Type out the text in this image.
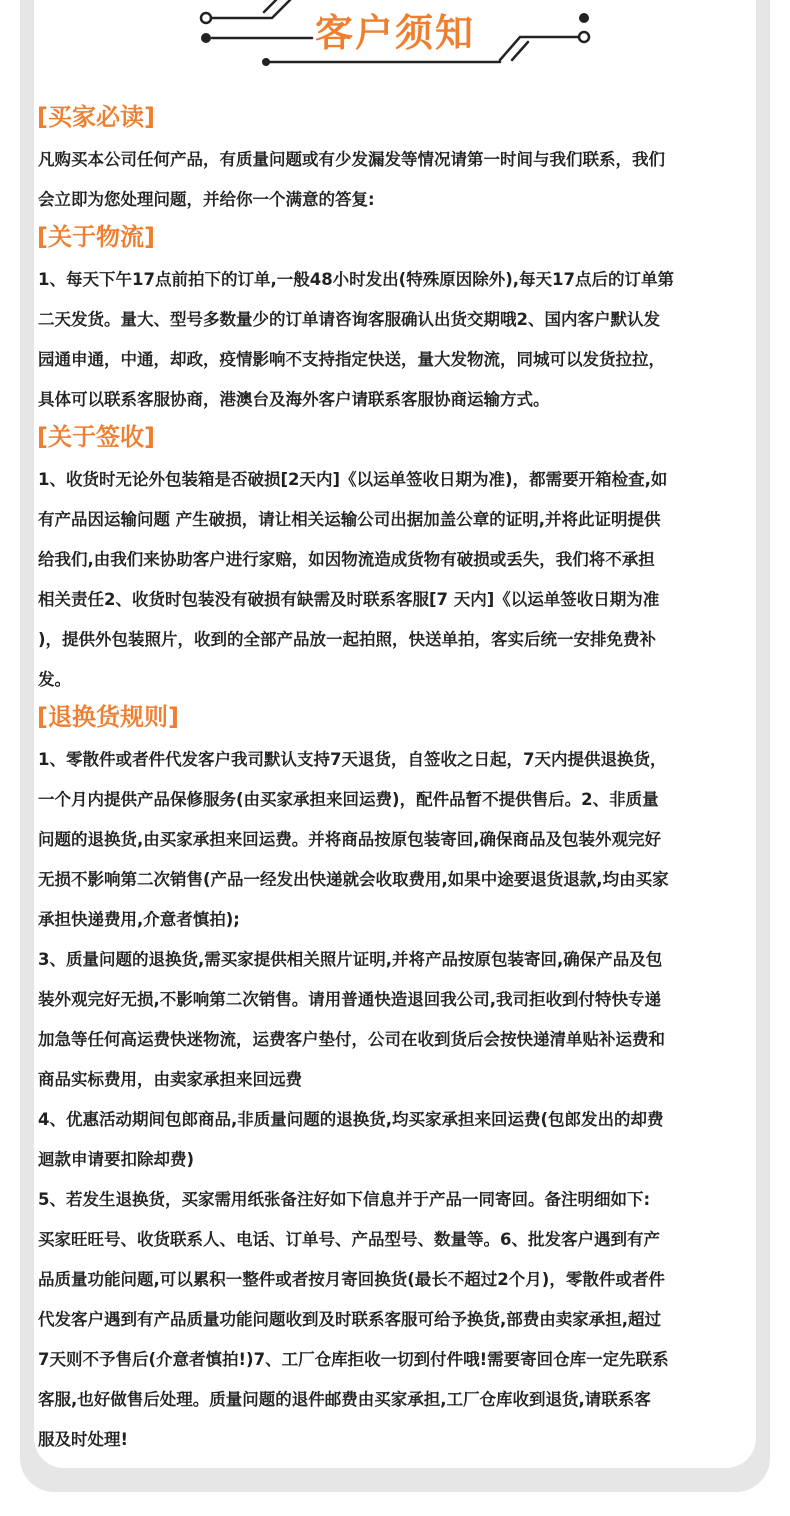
客户须知
[买家必读]

凡购买本公司任何产品，有质量问题或有少发漏发等情况请第一时间与我们联系，我们
会立即为您处理问题，并给你一个满意的答复:

[关于物流]

1、每天下午17点前拍下的订单,一般48小时发出(特殊原因除外),每天17点后的订单第
二天发货。量大、型号多数量少的订单请咨询客服确认出货交期哦2、国内客户默认发
园通申通，中通，却政，疫情影响不支持指定快送，量大发物流，同城可以发货拉拉，
具体可以联系客服协商，港澳台及海外客户请联系客服协商运输方式。

[关于签收]

1、收货时无论外包装箱是否破损[2天内]《以运单签收日期为准)，都需要开箱检查,如
有产品因运输问题 产生破损，请让相关运输公司出据加盖公章的证明,并将此证明提供
给我们,由我们来协助客户进行家赔，如因物流造成货物有破损或丢失，我们将不承担
相关责任2、收货时包装没有破损有缺需及时联系客服[7 天内]《以运单签收日期为准
)，提供外包装照片，收到的全部产品放一起拍照，快送单拍，客实后统一安排免费补
发。

[退换货规则]

1、零散件或者件代发客户我司默认支持7天退货，自签收之日起，7天内提供退换货，
一个月内提供产品保修服务(由买家承担来回运费)，配件品暂不提供售后。2、非质量
问题的退换货,由买家承担来回运费。并将商品按原包装寄回,确保商品及包装外观完好
无损不影响第二次销售(产品一经发出快递就会收取费用,如果中途要退货退款,均由买家
承担快递费用,介意者慎拍);
3、质量问题的退换货,需买家提供相关照片证明,并将产品按原包装寄回,确保产品及包
装外观完好无损,不影响第二次销售。请用普通快造退回我公司,我司拒收到付特快专递
加急等任何高运费快迷物流，运费客户垫付，公司在收到货后会按快递清单贴补运费和
商品实标费用，由卖家承担来回远费
4、优惠活动期间包郎商品,非质量问题的退换货,均买家承担来回运费(包郎发出的却费
迴款申请要扣除却费)
5、若发生退换货，买家需用纸张备注好如下信息并于产品一同寄回。备注明细如下:
买家旺旺号、收货联系人、电话、订单号、产品型号、数量等。6、批发客户遇到有产
品质量功能问题,可以累积一整件或者按月寄回换货(最长不超过2个月)，零散件或者件
代发客户遇到有产品质量功能问题收到及时联系客服可给予换货,部费由卖家承担,超过
7天则不予售后(介意者慎拍!)7、工厂仓库拒收一切到付件哦!需要寄回仓库一定先联系
客服,也好做售后处理。质量问题的退件邮费由买家承担,工厂仓库收到退货,请联系客
服及时处理!
